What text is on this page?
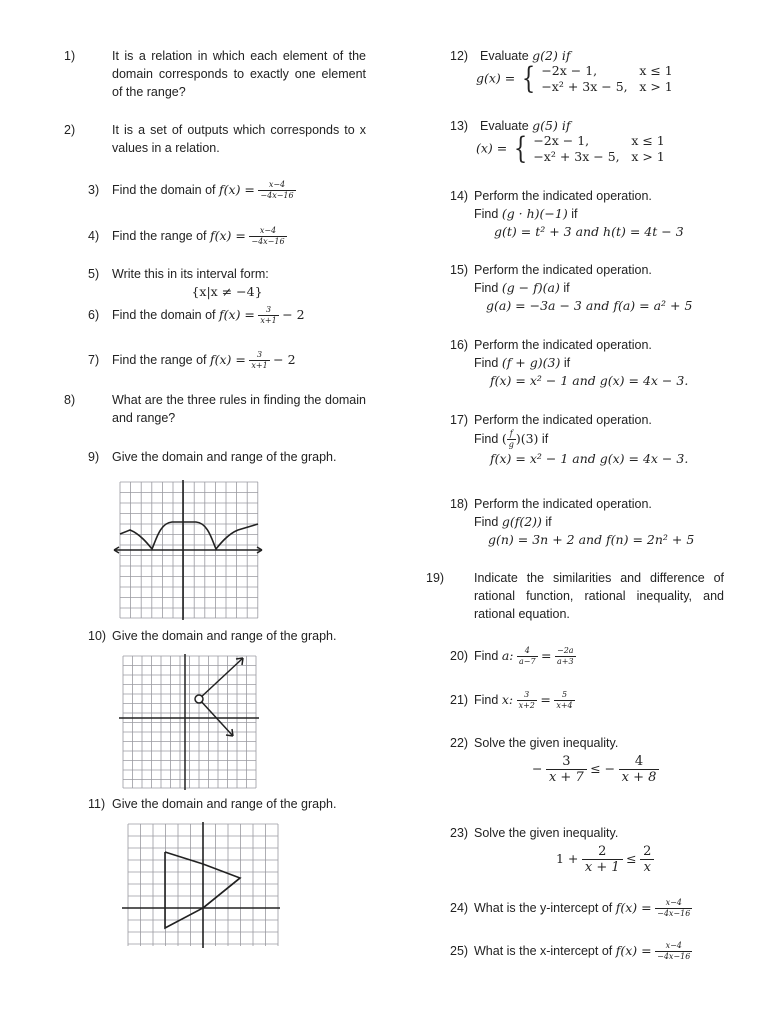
1)	It is a relation in which each element of the domain corresponds to exactly one element of the range?
2)	It is a set of outputs which corresponds to x values in a relation.
3) Find the domain of $f(x) = \frac{x-4}{-4x-16}$
4) Find the range of $f(x) = \frac{x-4}{-4x-16}$
5) Write this in its interval form:
{x|x ≠ −4}
6) Find the domain of $f(x) = \frac{3}{x+1} - 2$
7) Find the range of $f(x) = \frac{3}{x+1} - 2$
8)	What are the three rules in finding the domain and range?
9) Give the domain and range of the graph.
10) Give the domain and range of the graph.
11) Give the domain and range of the graph.
12) Evaluate g(2) if
g(x) = { −2x − 1,	x ≤ 1
−x² + 3x − 5, x > 1
13) Evaluate g(5) if
(x) = { −2x − 1,	x ≤ 1
−x² + 3x − 5, x > 1
14) Perform the indicated operation.
Find (g · h)(−1) if
g(t) = t² + 3 and h(t) = 4t − 3
15) Perform the indicated operation.
Find (g − f)(a) if
g(a) = −3a − 3 and f(a) = a² + 5
16) Perform the indicated operation.
Find (f + g)(3) if
f(x) = x² − 1 and g(x) = 4x − 3.
17) Perform the indicated operation.
Find ( $\frac{f}{g} )(3)$ if
f(x) = x² − 1 and g(x) = 4x − 3.
18) Perform the indicated operation.
Find g(f(2)) if
g(n) = 3n + 2 and f(n) = 2n² + 5
19) Indicate the similarities and difference of rational function, rational inequality, and rational equation.
20) Find a: $\frac{4}{a-7} = \frac{-2a}{a+3}$
21) Find x: $\frac{3}{x+2} = \frac{5}{x+4}$
22) Solve the given inequality.
− $\frac{3}{x + 7}$ ≤ − $\frac{4}{x + 8}$
23) Solve the given inequality.
$1 + \frac{2}{x + 1} \le \frac{2}{x}$
24) What is the y-intercept of $f(x) = \frac{x-4}{-4x-16}$
25) What is the x-intercept of $f(x) = \frac{x-4}{-4x-16}$
